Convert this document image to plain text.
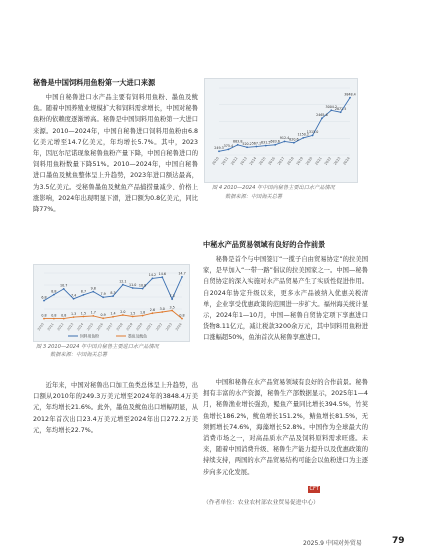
秘鲁是中国饲料用鱼粉第一大进口来源

中国自秘鲁进口水产品主要有饲料用鱼粉、墨鱼及鱿鱼。随着中国养殖业规模扩大和饲料需求增长，中国对秘鲁鱼粉的依赖度逐渐增高。秘鲁是中国饲料用鱼粉第一大进口来源。2010—2024年，中国自秘鲁进口饲料用鱼粉由6.8亿美元增至14.7亿美元，年均增长5.7%。其中，2023年，因厄尔尼诺现象秘鲁鱼粉产量下降，中国自秘鲁进口的饲料用鱼粉数量下降51%。2010—2024年，中国自秘鲁进口墨鱼及鱿鱼整体呈上升趋势，2023年进口额达最高，为3.5亿美元。受秘鲁墨鱼及鱿鱼产品捕捞量减少、价格上涨影响，2024年出现明显下滑，进口额为0.8亿美元，同比降77%。

2010 2011 2012 2013 2014 2015 2016 2017 2018 2019 2020 2021 2022 2023 2024
249.3 375.4
683.8
520.2 567.1 631.5 683.6
912.4 820.6
1150.2
1315.0
2465.6
3004.2
2872.5
3848.4
图 4 2010—2024 年中国向秘鲁主要出口水产品情况
数据来源：中国海关总署
2010 2011 2012 2013 2014 2015 2016 2017 2018 2019 2020 2021 2022 2023 2024
6.8
8.8
10.7
7.4
8.7
9.8
7.9 8.3
12.1
11.0 10.8
14.2 14.6
7.3
14.7
0.8 0.8 0.8 1.3 1.5 1.7
0.9 1.4 2.0 1.5 1.8
2.6 3.0 3.5
0.8
饲料用鱼粉	墨鱼及鱿鱼
图 3 2010—2024 年中国自秘鲁主要进口水产品情况
数据来源：中国海关总署

近年来，中国对秘鲁出口加工鱼类总体呈上升趋势，出口额从2010年的249.3万美元增至2024年的3848.4万美元，年均增长21.6%。此外，墨鱼及鱿鱼出口增幅明显，从2012年首次出口23.4万美元增至2024年出口272.2万美元，年均增长22.7%。

中秘水产品贸易领域有良好的合作前景

秘鲁是首个与中国签订“一揽子自由贸易协定”的拉美国家，是早加入“一带一路”倡议的拉美国家之一。中国—秘鲁自贸协定的深入实施对水产品贸易产生了实质性促进作用。自2024年协定升级以来，更多水产品被纳入优惠关税清单，企业享受优惠政策的范围进一步扩大。福州海关统计显示，2024年1—10月，中国—秘鲁自贸协定项下享惠进口货物8.11亿元，减让税款3200余万元，其中饲料用鱼粉进口涨幅超50%，鱼油首次从秘鲁享惠进口。

中国和秘鲁在水产品贸易领域有良好的合作前景。秘鲁拥有丰富的水产资源，秘鲁生产部数据显示，2025年1—4月，秘鲁渔业增长强劲，鳀鱼产量同比增长394.5%，竹荚鱼增长186.2%，鱿鱼增长151.2%，鲭鱼增长81.5%，无须鳕增长74.6%，海藻增长52.8%。中国作为全球最大的消费市场之一，对高品质水产品及饲料原料需求旺盛。未来，随着中国消费升级、秘鲁生产能力提升以及优惠政策的持续支持，两国的水产品贸易结构可能会以鱼粉进口为主逐步向多元化发展。

CFT
（作者单位：农业农村部农业贸易促进中心）
2025.9 中国对外贸易	79
